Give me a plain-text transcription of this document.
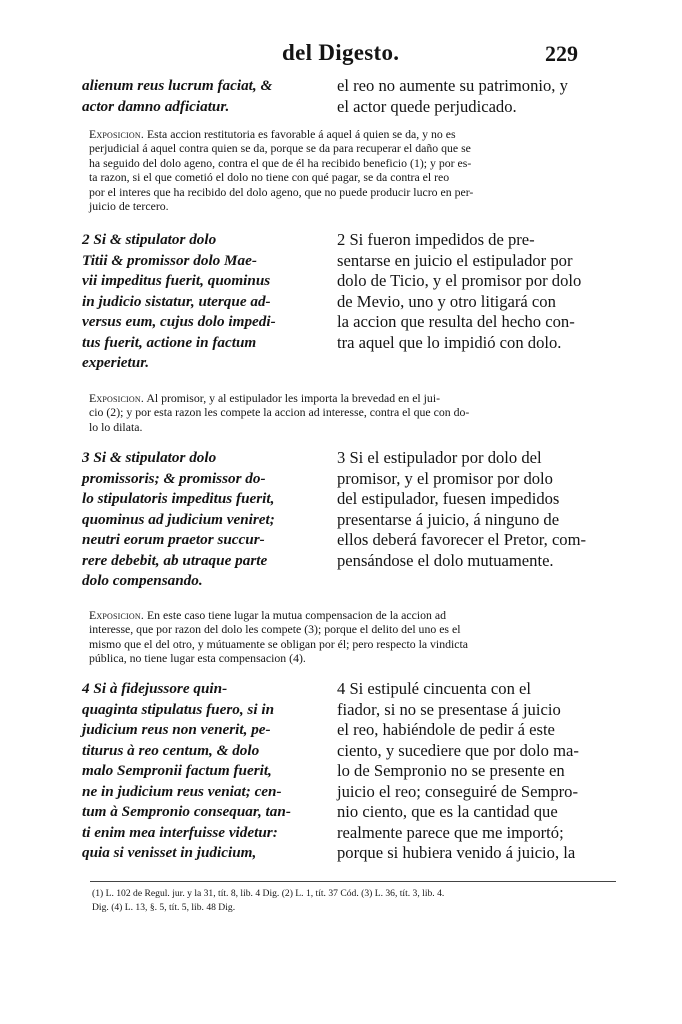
del Digesto.	229
alienum reus lucrum faciat, &
actor damno adficiatur.
el reo no aumente su patrimonio, y
el actor quede perjudicado.
Exposicion. Esta accion restitutoria es favorable á aquel á quien se da, y no es
perjudicial á aquel contra quien se da, porque se da para recuperar el daño que se
ha seguido del dolo ageno, contra el que de él ha recibido beneficio (1); y por es-
ta razon, si el que cometió el dolo no tiene con qué pagar, se da contra el reo
por el interes que ha recibido del dolo ageno, que no puede producir lucro en per-
juicio de tercero.
2 Si & stipulator dolo
Titii & promissor dolo Mae-
vii impeditus fuerit, quominus
in judicio sistatur, uterque ad-
versus eum, cujus dolo impedi-
tus fuerit, actione in factum
experietur.
2 Si fueron impedidos de pre-
sentarse en juicio el estipulador por
dolo de Ticio, y el promisor por dolo
de Mevio, uno y otro litigará con
la accion que resulta del hecho con-
tra aquel que lo impidió con dolo.
Exposicion. Al promisor, y al estipulador les importa la brevedad en el jui-
cio (2); y por esta razon les compete la accion ad interesse, contra el que con do-
lo lo dilata.
3 Si & stipulator dolo
promissoris; & promissor do-
lo stipulatoris impeditus fuerit,
quominus ad judicium veniret;
neutri eorum praetor succur-
rere debebit, ab utraque parte
dolo compensando.
3 Si el estipulador por dolo del
promisor, y el promisor por dolo
del estipulador, fuesen impedidos
presentarse á juicio, á ninguno de
ellos deberá favorecer el Pretor, com-
pensándose el dolo mutuamente.
Exposicion. En este caso tiene lugar la mutua compensacion de la accion ad
interesse, que por razon del dolo les compete (3); porque el delito del uno es el
mismo que el del otro, y mútuamente se obligan por él; pero respecto la vindicta
pública, no tiene lugar esta compensacion (4).
4 Si à fidejussore quin-
quaginta stipulatus fuero, si in
judicium reus non venerit, pe-
titurus à reo centum, & dolo
malo Sempronii factum fuerit,
ne in judicium reus veniat; cen-
tum à Sempronio consequar, tan-
ti enim mea interfuisse videtur:
quia si venisset in judicium,
4 Si estipulé cincuenta con el
fiador, si no se presentase á juicio
el reo, habiéndole de pedir á este
ciento, y sucediere que por dolo ma-
lo de Sempronio no se presente en
juicio el reo; conseguiré de Sempro-
nio ciento, que es la cantidad que
realmente parece que me importó;
porque si hubiera venido á juicio, la
(1) L. 102 de Regul. jur. y la 31, tít. 8, lib. 4 Dig. (2) L. 1, tít. 37 Cód. (3) L. 36, tít. 3, lib. 4.
Dig. (4) L. 13, §. 5, tít. 5, lib. 48 Dig.
